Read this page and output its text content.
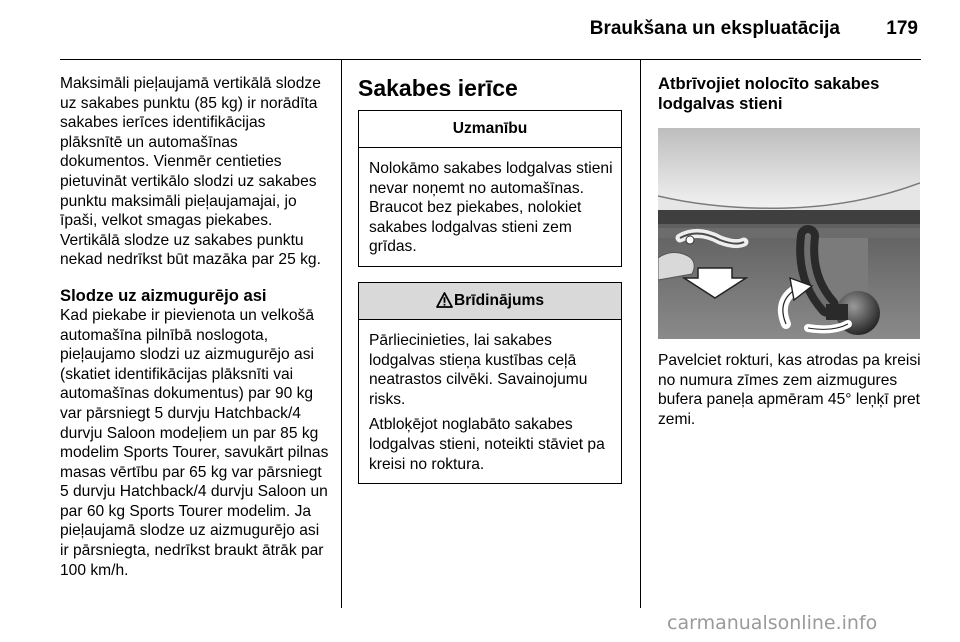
Braukšana un ekspluatācija	179

Maksimāli pieļaujamā vertikālā slodze uz sakabes punktu (85 kg) ir norādīta sakabes ierīces identifikācijas plāksnītē un automašīnas dokumentos. Vienmēr centieties pietuvināt vertikālo slodzi uz sakabes punktu maksimāli pieļaujamajai, jo īpaši, velkot smagas piekabes. Vertikālā slodze uz sakabes punktu nekad nedrīkst būt mazāka par 25 kg.

Slodze uz aizmugurējo asi

Kad piekabe ir pievienota un velkošā automašīna pilnībā noslogota, pieļaujamo slodzi uz aizmugurējo asi (skatiet identifikācijas plāksnīti vai automašīnas dokumentus) par 90 kg var pārsniegt 5 durvju Hatchback/4 durvju Saloon modeļiem un par 85 kg modelim Sports Tourer, savukārt pilnas masas vērtību par 65 kg var pārsniegt 5 durvju Hatchback/4 durvju Saloon un par 60 kg Sports Tourer modelim. Ja pieļaujamā slodze uz aizmugurējo asi ir pārsniegta, nedrīkst braukt ātrāk par 100 km/h.

Sakabes ierīce
Uzmanību

Nolokāmo sakabes lodgalvas stieni nevar noņemt no automašīnas. Braucot bez piekabes, nolokiet sakabes lodgalvas stieni zem grīdas.

Brīdinājums

Pārliecinieties, lai sakabes lodgalvas stieņa kustības ceļā neatrastos cilvēki. Savainojumu risks.

Atbloķējot noglabāto sakabes lodgalvas stieni, noteikti stāviet pa kreisi no roktura.

Atbrīvojiet nolocīto sakabes lodgalvas stieni

Pavelciet rokturi, kas atrodas pa kreisi no numura zīmes zem aizmugures bufera paneļa apmēram 45° leņķī pret zemi.

carmanualsonline.info
